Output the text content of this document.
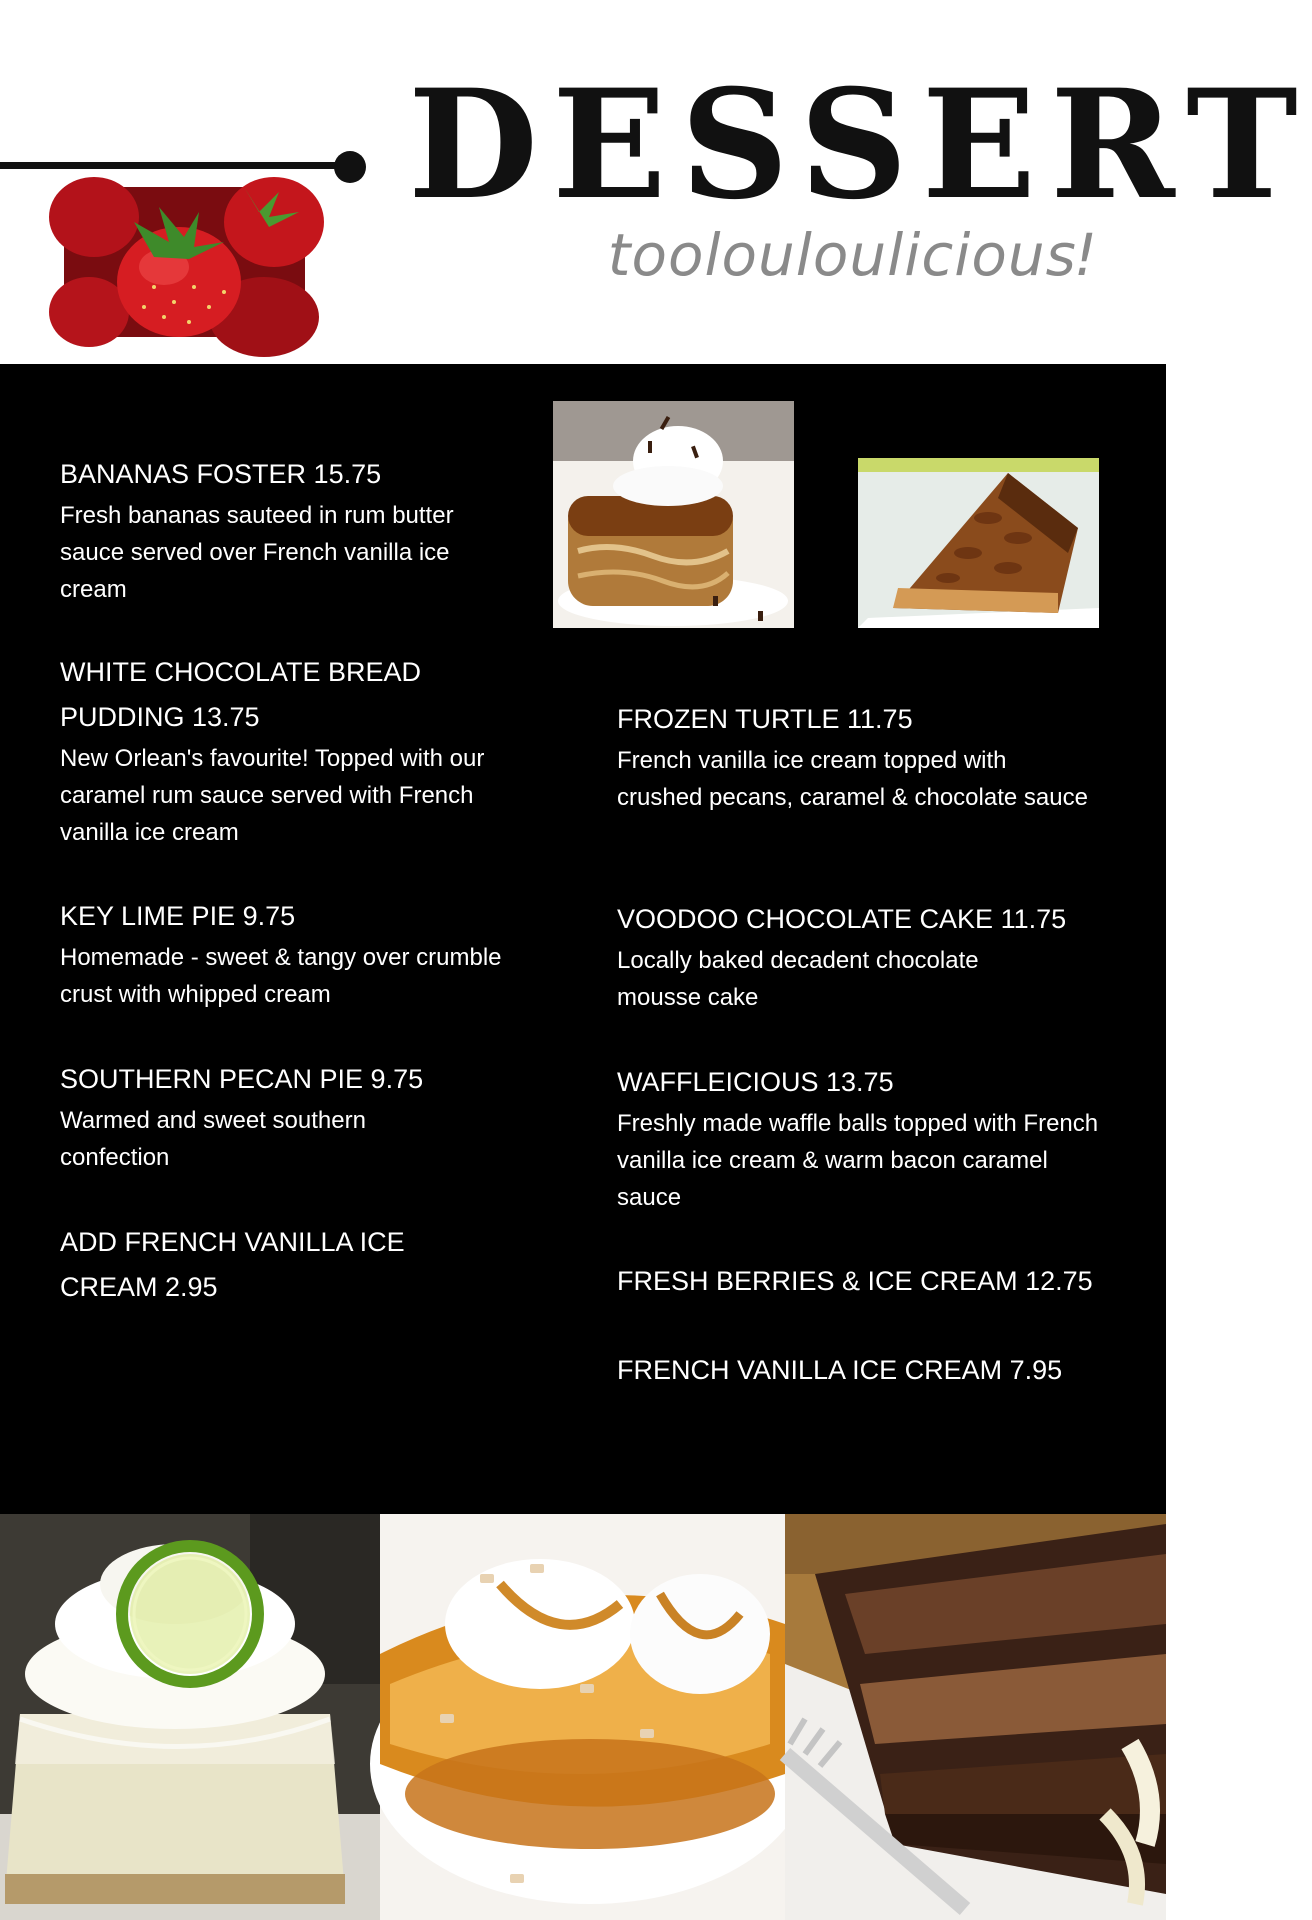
DESSERT
tooloulouliciousǃ
BANANAS FOSTER 15.75
Fresh bananas sauteed in rum butter sauce served over French vanilla ice cream
WHITE CHOCOLATE BREAD PUDDING 13.75
New Orlean's favourite! Topped with our caramel rum sauce served with French vanilla ice cream
KEY LIME PIE 9.75
Homemade - sweet & tangy over crumble crust with whipped cream
SOUTHERN PECAN PIE 9.75
Warmed and sweet southern confection
ADD FRENCH VANILLA ICE CREAM 2.95
FROZEN TURTLE 11.75
French vanilla ice cream topped with crushed pecans, caramel & chocolate sauce
VOODOO CHOCOLATE CAKE 11.75
Locally baked decadent chocolate mousse cake
WAFFLEICIOUS 13.75
Freshly made waffle balls topped with French vanilla ice cream & warm bacon caramel sauce
FRESH BERRIES & ICE CREAM 12.75
FRENCH VANILLA ICE CREAM 7.95
